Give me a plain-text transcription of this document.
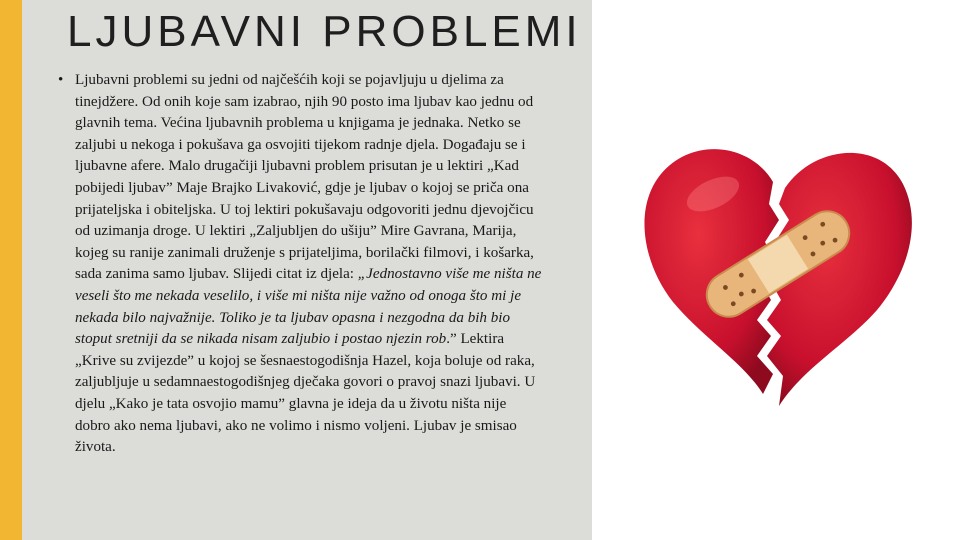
LJUBAVNI PROBLEMI
• Ljubavni problemi su jedni od najčešćih koji se pojavljuju u djelima za tinejdžere. Od onih koje sam izabrao, njih 90 posto ima ljubav kao jednu od glavnih tema. Većina ljubavnih problema u knjigama je jednaka. Netko se zaljubi u nekoga i pokušava ga osvojiti tijekom radnje djela. Događaju se i ljubavne afere. Malo drugačiji ljubavni problem prisutan je u lektiri „Kad pobijedi ljubav” Maje Brajko Livaković, gdje je ljubav o kojoj se priča ona prijateljska i obiteljska. U toj lektiri pokušavaju odgovoriti jednu djevojčicu od uzimanja droge. U lektiri „Zaljubljen do ušiju” Mire Gavrana, Marija, kojeg su ranije zanimali druženje s prijateljima, borilački filmovi, i košarka, sada zanima samo ljubav. Slijedi citat iz djela: „Jednostavno više me ništa ne veseli što me nekada veselilo, i više mi ništa nije važno od onoga što mi je nekada bilo najvažnije. Toliko je ta ljubav opasna i nezgodna da bih bio stoput sretniji da se nikada nisam zaljubio i postao njezin rob.” Lektira „Krive su zvijezde” u kojoj se šesnaestogodišnja Hazel, koja boluje od raka, zaljubljuje u sedamnaestogodišnjeg dječaka govori o pravoj snazi ljubavi. U djelu „Kako je tata osvojio mamu” glavna je ideja da u životu ništa nije dobro ako nema ljubavi, ako ne volimo i nismo voljeni. Ljubav je smisao života.
